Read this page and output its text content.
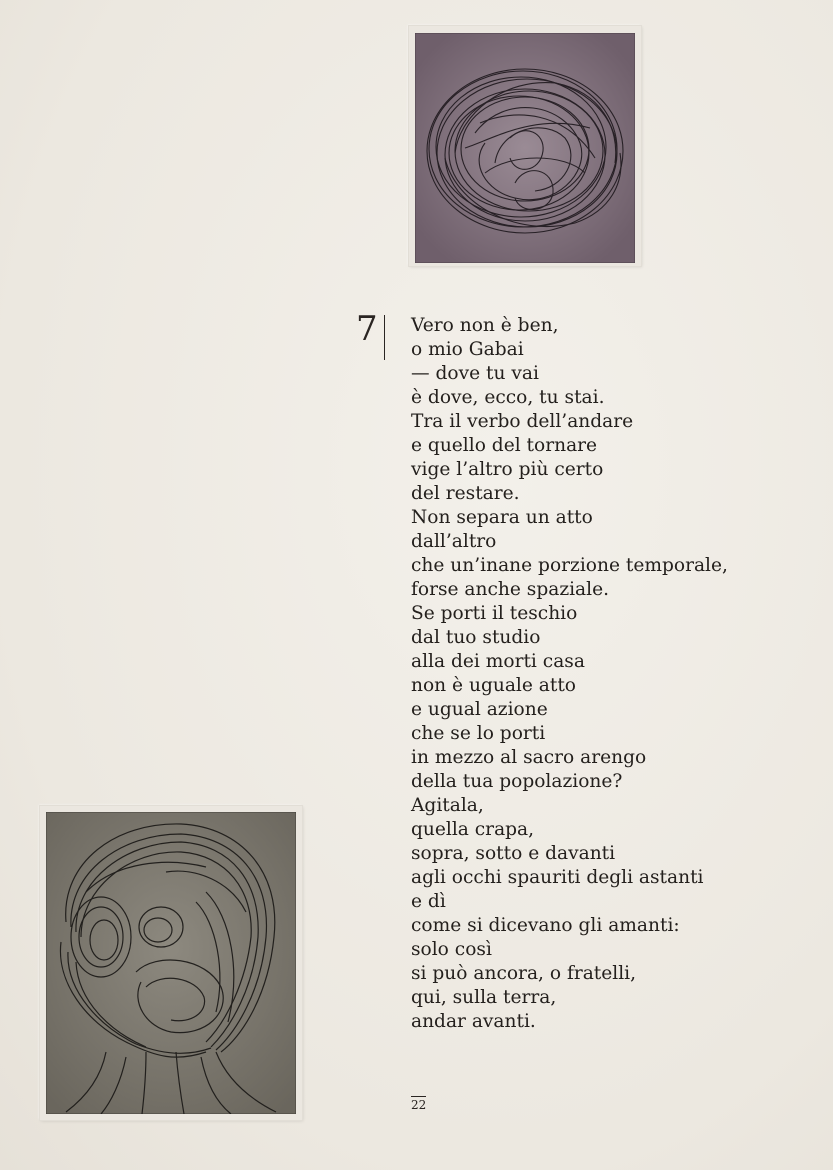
7 Vero non è ben,
o mio Gabai
— dove tu vai
è dove, ecco, tu stai.
Tra il verbo dell’andare
e quello del tornare
vige l’altro più certo
del restare.
Non separa un atto
dall’altro
che un’inane porzione temporale,
forse anche spaziale.
Se porti il teschio
dal tuo studio
alla dei morti casa
non è uguale atto
e ugual azione
che se lo porti
in mezzo al sacro arengo
della tua popolazione?
Agitala,
quella crapa,
sopra, sotto e davanti
agli occhi spauriti degli astanti
e dì
come si dicevano gli amanti:
solo così
si può ancora, o fratelli,
qui, sulla terra,
andar avanti.
22
